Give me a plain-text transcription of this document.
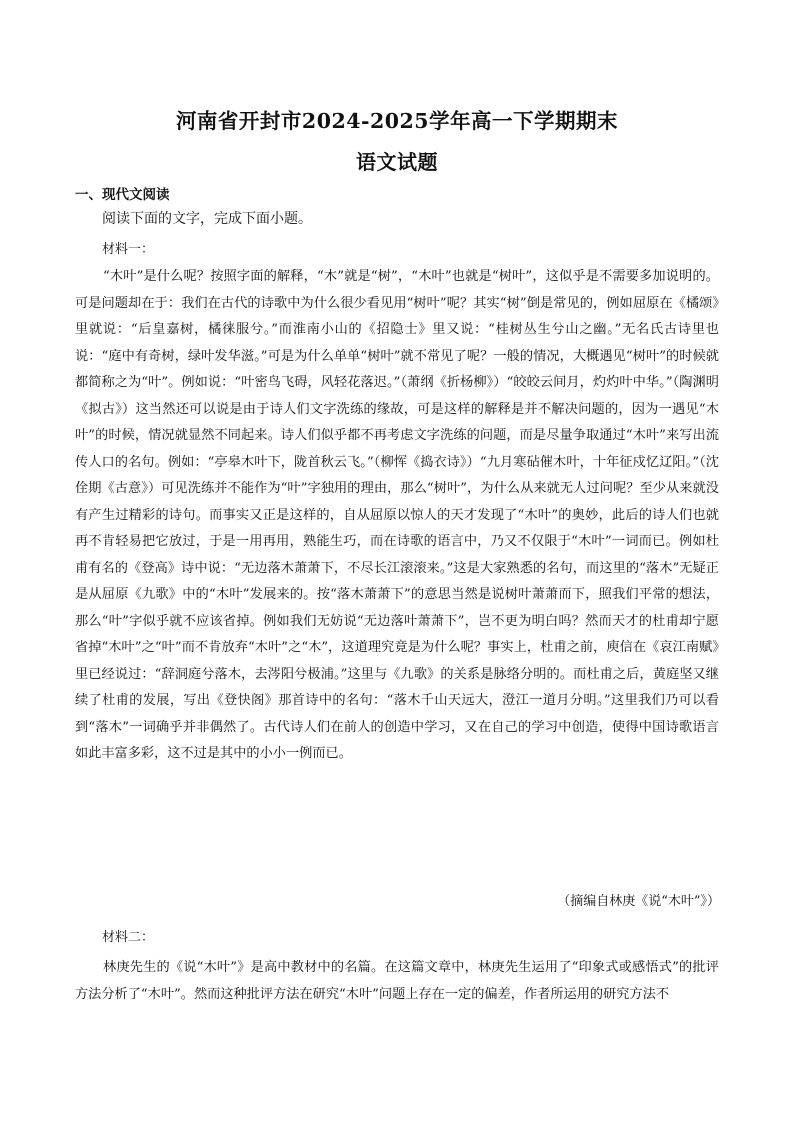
河南省开封市2024-2025学年高一下学期期末
语文试题
一、现代文阅读
阅读下面的文字，完成下面小题。
材料一：

“木叶”是什么呢？按照字面的解释，“木”就是“树”，“木叶”也就是“树叶”，这似乎是不需要多加说明的。可是问题却在于：我们在古代的诗歌中为什么很少看见用“树叶”呢？其实“树”倒是常见的，例如屈原在《橘颂》里就说：“后皇嘉树，橘徕服兮。”而淮南小山的《招隐士》里又说：“桂树丛生兮山之幽。”无名氏古诗里也说：“庭中有奇树，绿叶发华滋。”可是为什么单单“树叶”就不常见了呢？一般的情况，大概遇见“树叶”的时候就都简称之为“叶”。例如说：“叶密鸟飞碍，风轻花落迟。”（萧纲《折杨柳》）“皎皎云间月，灼灼叶中华。”（陶渊明《拟古》）这当然还可以说是由于诗人们文字洗练的缘故，可是这样的解释是并不解决问题的，因为一遇见“木叶”的时候，情况就显然不同起来。诗人们似乎都不再考虑文字洗练的问题，而是尽量争取通过“木叶”来写出流传人口的名句。例如：“亭皋木叶下，陇首秋云飞。”（柳恽《捣衣诗》）“九月寒砧催木叶，十年征戍忆辽阳。”（沈佺期《古意》）可见洗练并不能作为“叶”字独用的理由，那么“树叶”，为什么从来就无人过问呢？至少从来就没有产生过精彩的诗句。而事实又正是这样的，自从屈原以惊人的天才发现了“木叶”的奥妙，此后的诗人们也就再不肯轻易把它放过，于是一用再用，熟能生巧，而在诗歌的语言中，乃又不仅限于“木叶”一词而已。例如杜甫有名的《登高》诗中说：“无边落木萧萧下，不尽长江滚滚来。”这是大家熟悉的名句，而这里的“落木”无疑正是从屈原《九歌》中的“木叶”发展来的。按“落木萧萧下”的意思当然是说树叶萧萧而下，照我们平常的想法，那么“叶”字似乎就不应该省掉。例如我们无妨说“无边落叶萧萧下”，岂不更为明白吗？然而天才的杜甫却宁愿省掉“木叶”之“叶”而不肯放弃“木叶”之“木”，这道理究竟是为什么呢？事实上，杜甫之前，庾信在《哀江南赋》里已经说过：“辞洞庭兮落木，去涔阳兮极浦。”这里与《九歌》的关系是脉络分明的。而杜甫之后，黄庭坚又继续了杜甫的发展，写出《登快阁》那首诗中的名句：“落木千山天远大，澄江一道月分明。”这里我们乃可以看到“落木”一词确乎并非偶然了。古代诗人们在前人的创造中学习，又在自己的学习中创造，使得中国诗歌语言如此丰富多彩，这不过是其中的小小一例而已。

（摘编自林庚《说“木叶”》）
材料二：

林庚先生的《说“木叶”》是高中教材中的名篇。在这篇文章中，林庚先生运用了“印象式或感悟式”的批评方法分析了“木叶”。然而这种批评方法在研究“木叶”问题上存在一定的偏差，作者所运用的研究方法不
